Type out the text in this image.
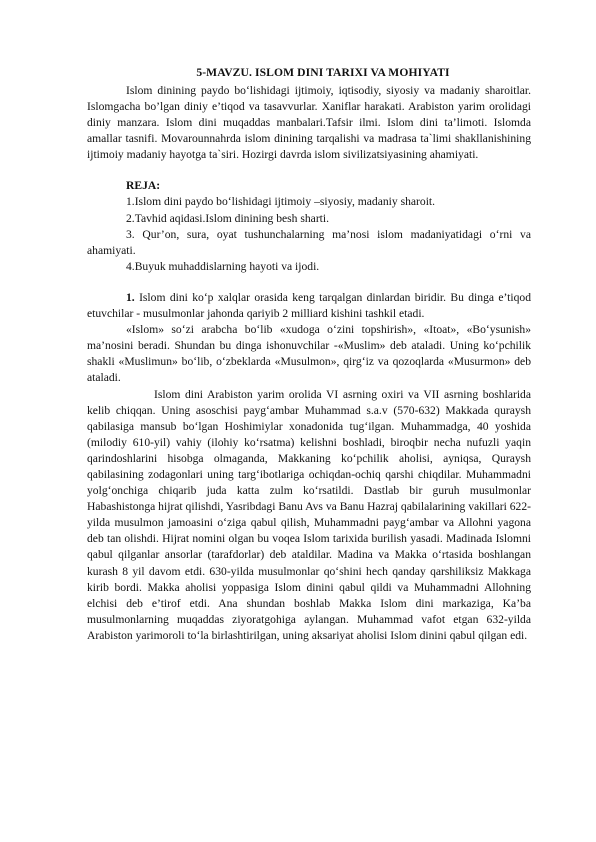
5-MAVZU. ISLOM DINI TARIXI VA MOHIYATI

Islom dinining paydo bo‘lishidagi ijtimoiy, iqtisodiy, siyosiy va madaniy sharoitlar. Islomgacha bo’lgan diniy e’tiqod va tasavvurlar. Xaniflar harakati. Arabiston yarim orolidagi diniy manzara. Islom dini muqaddas manbalari.Tafsir ilmi. Islom dini ta’limoti. Islomda amallar tasnifi. Movarounnahrda islom dinining tarqalishi va madrasa ta`limi shakllanishining ijtimoiy madaniy hayotga ta`siri. Hozirgi davrda islom sivilizatsiyasining ahamiyati.

REJA:

1.Islom dini paydo bo‘lishidagi ijtimoiy –siyosiy, madaniy sharoit.

2.Tavhid aqidasi.Islom dinining besh sharti.

3. Qur’on, sura, oyat tushunchalarning ma’nosi islom madaniyatidagi o‘rni va ahamiyati.

4.Buyuk muhaddislarning hayoti va ijodi.

1. Islom dini ko‘p xalqlar orasida keng tarqalgan dinlardan biridir. Bu dinga e’tiqod etuvchilar - musulmonlar jahonda qariyib 2 milliard kishini tashkil etadi.

«Islom» so‘zi arabcha bo‘lib «xudoga o‘zini topshirish», «Itoat», «Bo‘ysunish» ma’nosini beradi. Shundan bu dinga ishonuvchilar -«Muslim» deb ataladi. Uning ko‘pchilik shakli «Muslimun» bo‘lib, o‘zbeklarda «Musulmon», qirg‘iz va qozoqlarda «Musurmon» deb ataladi.

Islom dini Arabiston yarim orolida VI asrning oxiri va VII asrning boshlarida kelib chiqqan. Uning asoschisi payg‘ambar Muhammad s.a.v (570-632) Makkada quraysh qabilasiga mansub bo‘lgan Hoshimiylar xonadonida tug‘ilgan. Muhammadga, 40 yoshida (milodiy 610-yil) vahiy (ilohiy ko‘rsatma) kelishni boshladi, biroqbir necha nufuzli yaqin qarindoshlarini hisobga olmaganda, Makkaning ko‘pchilik aholisi, ayniqsa, Quraysh qabilasining zodagonlari uning targ‘ibotlariga ochiqdan-ochiq qarshi chiqdilar. Muhammadni yolg‘onchiga chiqarib juda katta zulm ko‘rsatildi. Dastlab bir guruh musulmonlar Habashistonga hijrat qilishdi, Yasribdagi Banu Avs va Banu Hazraj qabilalarining vakillari 622-yilda musulmon jamoasini o‘ziga qabul qilish, Muhammadni payg‘ambar va Allohni yagona deb tan olishdi. Hijrat nomini olgan bu voqea Islom tarixida burilish yasadi. Madinada Islomni qabul qilganlar ansorlar (tarafdorlar) deb ataldilar. Madina va Makka o‘rtasida boshlangan kurash 8 yil davom etdi. 630-yilda musulmonlar qo‘shini hech qanday qarshiliksiz Makkaga kirib bordi. Makka aholisi yoppasiga Islom dinini qabul qildi va Muhammadni Allohning elchisi deb e’tirof etdi. Ana shundan boshlab Makka Islom dini markaziga, Ka’ba musulmonlarning muqaddas ziyoratgohiga aylangan. Muhammad vafot etgan 632-yilda Arabiston yarimoroli to‘la birlashtirilgan, uning aksariyat aholisi Islom dinini qabul qilgan edi.
